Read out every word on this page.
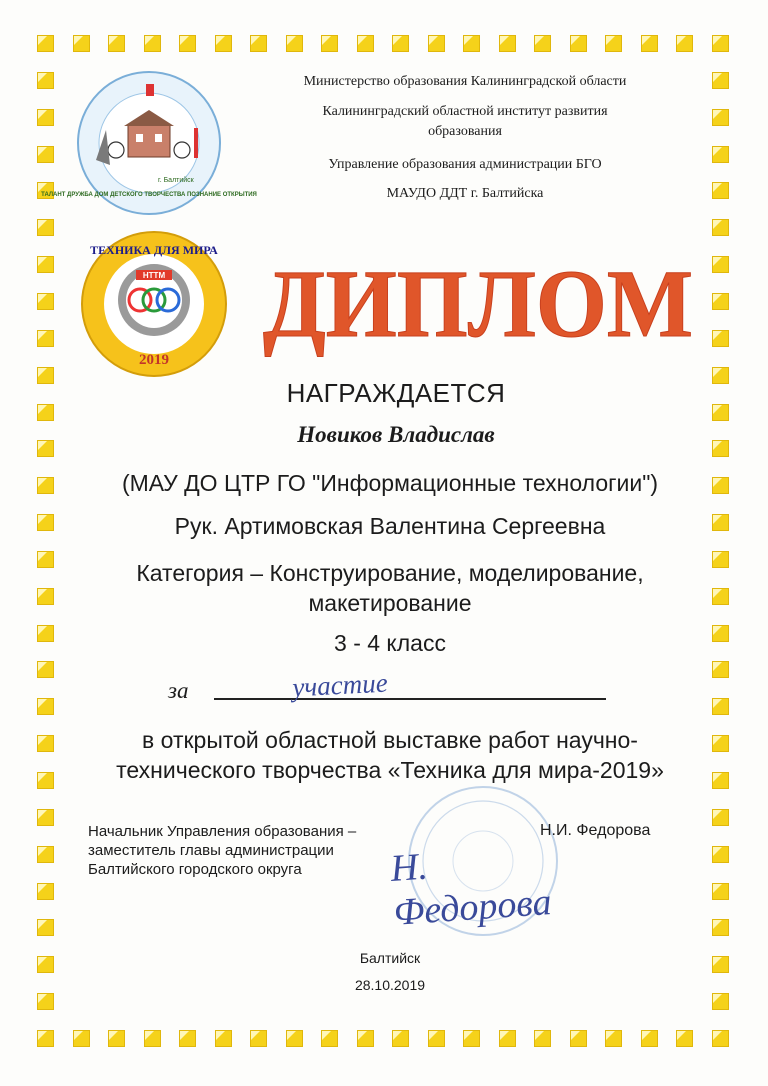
ТАЛАНТ ДРУЖБА ДОМ ДЕТСКОГО ТВОРЧЕСТВА ПОЗНАНИЕ ОТКРЫТИЯ
г. Балтийск
НТТМ
ТЕХНИКА ДЛЯ МИРА
2019
Министерство образования Калининградской области
Калининградский областной институт развития
образования
Управление образования администрации БГО
МАУДО ДДТ г. Балтийска
ДИПЛОМ
НАГРАЖДАЕТСЯ
Новиков Владислав
(МАУ ДО ЦТР ГО "Информационные технологии")
Рук. Артимовская Валентина Сергеевна
Категория – Конструирование, моделирование,
макетирование
3 - 4 класс
за	участие
в открытой областной выставке работ научно-
технического творчества «Техника для мира-2019»
Начальник Управления образования –
заместитель главы администрации
Балтийского городского округа
Н.И. Федорова
Н. Федорова
Балтийск
28.10.2019
